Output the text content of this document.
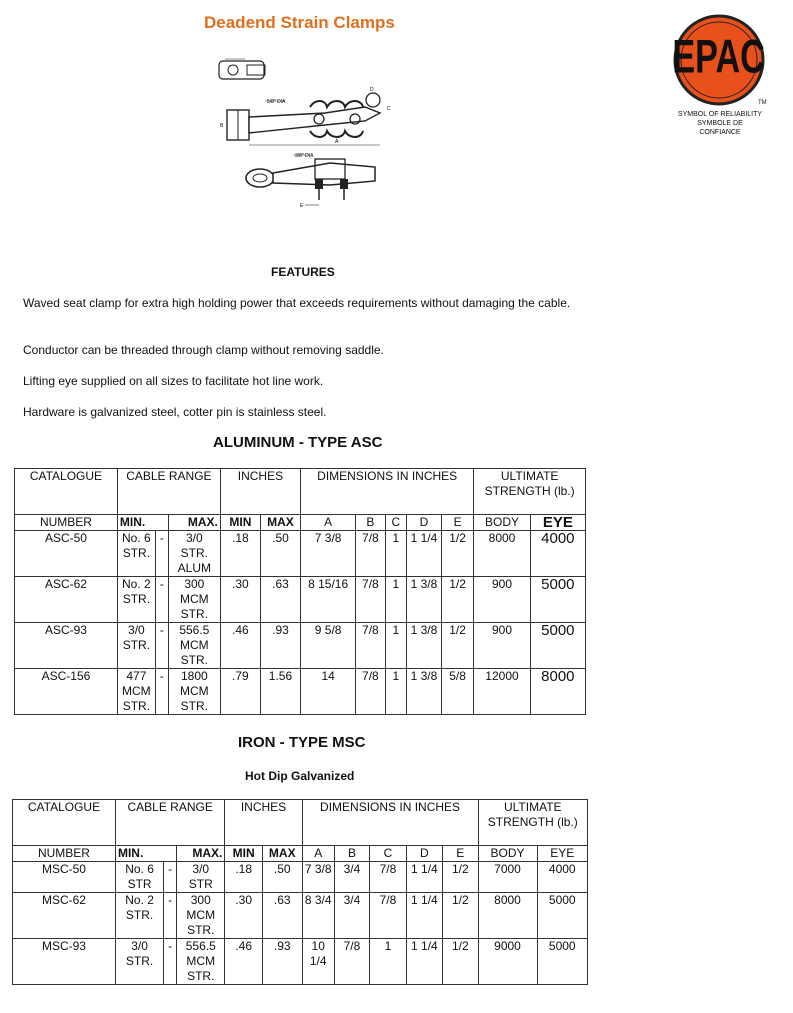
Deadend Strain Clamps
EPAC
TM
SYMBOL OF RELIABILITY
SYMBOLE DE CONFIANCE
5/8" DIA
A
B
C
D
3/8" DIA
E
FEATURES
Waved seat clamp for extra high holding power that exceeds requirements without damaging the cable.
Conductor can be threaded through clamp without removing saddle.
Lifting eye supplied on all sizes to facilitate hot line work.
Hardware is galvanized steel, cotter pin is stainless steel.
ALUMINUM - TYPE ASC
CATALOGUE	CABLE RANGE			INCHES		DIMENSIONS IN INCHES					ULTIMATE STRENGTH (lb.)	
NUMBER	MIN.		MAX.	MIN	MAX	A	B	C	D	E	BODY	EYE
ASC-50	No. 6 STR.	-	3/0 STR. ALUM	.18	.50	7 3/8	7/8	1	1 1/4	1/2	8000	4000
ASC-62	No. 2 STR.	-	300 MCM STR.	.30	.63	8 15/16	7/8	1	1 3/8	1/2	900	5000
ASC-93	3/0 STR.	-	556.5 MCM STR.	.46	.93	9 5/8	7/8	1	1 3/8	1/2	900	5000
ASC-156	477 MCM STR.	-	1800 MCM STR.	.79	1.56	14	7/8	1	1 3/8	5/8	12000	8000
IRON - TYPE MSC
Hot Dip Galvanized
CATALOGUE	CABLE RANGE			INCHES		DIMENSIONS IN INCHES					ULTIMATE STRENGTH (lb.)	
NUMBER	MIN.		MAX.	MIN	MAX	A	B	C	D	E	BODY	EYE
MSC-50	No. 6 STR	-	3/0 STR	.18	.50	7 3/8	3/4	7/8	1 1/4	1/2	7000	4000
MSC-62	No. 2 STR.	-	300 MCM STR.	.30	.63	8 3/4	3/4	7/8	1 1/4	1/2	8000	5000
MSC-93	3/0 STR.	-	556.5 MCM STR.	.46	.93	10 1/4	7/8	1	1 1/4	1/2	9000	5000
